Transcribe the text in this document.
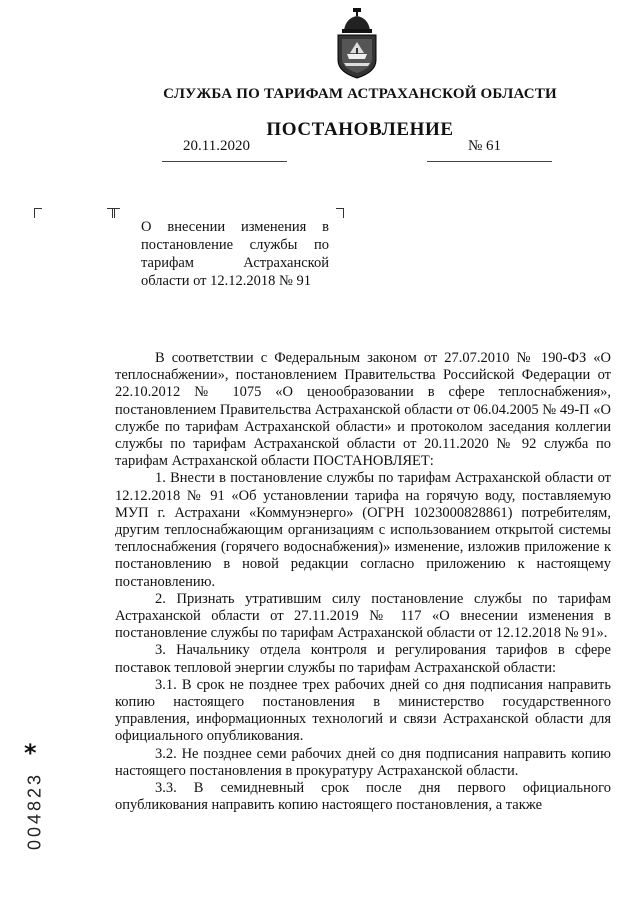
СЛУЖБА ПО ТАРИФАМ АСТРАХАНСКОЙ ОБЛАСТИ
ПОСТАНОВЛЕНИЕ
20.11.2020	№ 61
О внесении изменения в
постановление службы по
тарифам Астраханской
области от 12.12.2018 № 91

В соответствии с Федеральным законом от 27.07.2010 № 190-ФЗ «О теплоснабжении», постановлением Правительства Российской Федерации от 22.10.2012 № 1075 «О ценообразовании в сфере теплоснабжения», постановлением Правительства Астраханской области от 06.04.2005 № 49-П «О службе по тарифам Астраханской области» и протоколом заседания коллегии службы по тарифам Астраханской области от 20.11.2020 № 92 служба по тарифам Астраханской области ПОСТАНОВЛЯЕТ:

1. Внести в постановление службы по тарифам Астраханской области от 12.12.2018 № 91 «Об установлении тарифа на горячую воду, поставляемую МУП г. Астрахани «Коммунэнерго» (ОГРН 1023000828861) потребителям, другим теплоснабжающим организациям с использованием открытой системы теплоснабжения (горячего водоснабжения)» изменение, изложив приложение к постановлению в новой редакции согласно приложению к настоящему постановлению.

2. Признать утратившим силу постановление службы по тарифам Астраханской области от 27.11.2019 № 117 «О внесении изменения в постановление службы по тарифам Астраханской области от 12.12.2018 № 91».

3. Начальнику отдела контроля и регулирования тарифов в сфере поставок тепловой энергии службы по тарифам Астраханской области:

3.1. В срок не позднее трех рабочих дней со дня подписания направить копию настоящего постановления в министерство государственного управления, информационных технологий и связи Астраханской области для официального опубликования.

3.2. Не позднее семи рабочих дней со дня подписания направить копию настоящего постановления в прокуратуру Астраханской области.

3.3. В семидневный срок после дня первого официального опубликования направить копию настоящего постановления, а также

*
004823
